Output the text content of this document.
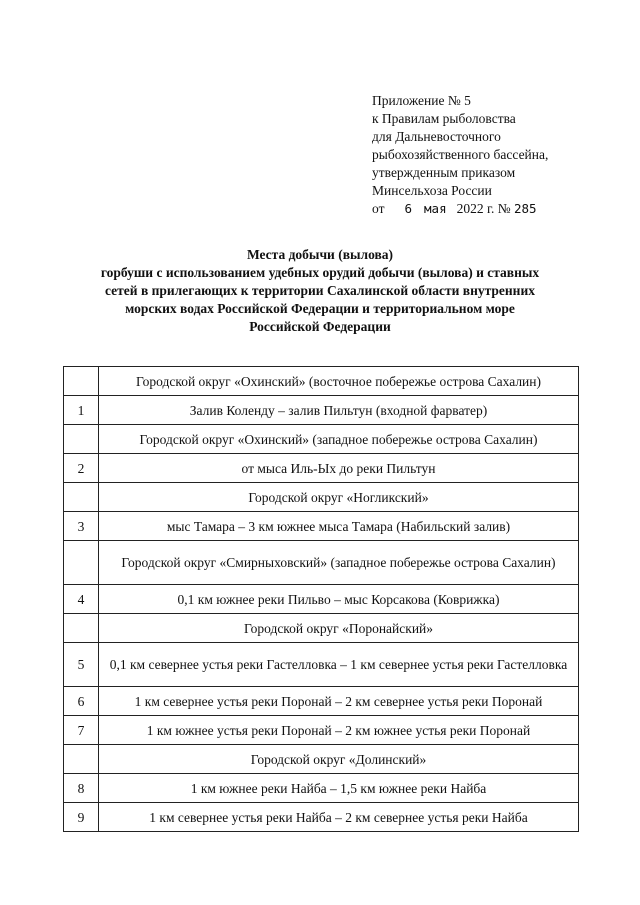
Приложение № 5
к Правилам рыболовства
для Дальневосточного
рыбохозяйственного бассейна,
утвержденным приказом
Минсельхоза России
от 6 мая 2022 г. № 285
Места добычи (вылова)
горбуши с использованием удебных орудий добычи (вылова) и ставных
сетей в прилегающих к территории Сахалинской области внутренних
морских водах Российской Федерации и территориальном море
Российской Федерации
	Городской округ «Охинский» (восточное побережье острова Сахалин)
1	Залив Коленду – залив Пильтун (входной фарватер)
	Городской округ «Охинский» (западное побережье острова Сахалин)
2	от мыса Иль-Ыx до реки Пильтун
	Городской округ «Ногликский»
3	мыс Тамара – 3 км южнее мыса Тамара (Набильский залив)
	Городской округ «Смирныховский» (западное побережье острова Сахалин)
4	0,1 км южнее реки Пильво – мыс Корсакова (Коврижка)
	Городской округ «Поронайский»
5	0,1 км севернее устья реки Гастелловка – 1 км севернее устья реки Гастелловка
6	1 км севернее устья реки Поронай – 2 км севернее устья реки Поронай
7	1 км южнее устья реки Поронай – 2 км южнее устья реки Поронай
	Городской округ «Долинский»
8	1 км южнее реки Найба – 1,5 км южнее реки Найба
9	1 км севернее устья реки Найба – 2 км севернее устья реки Найба
